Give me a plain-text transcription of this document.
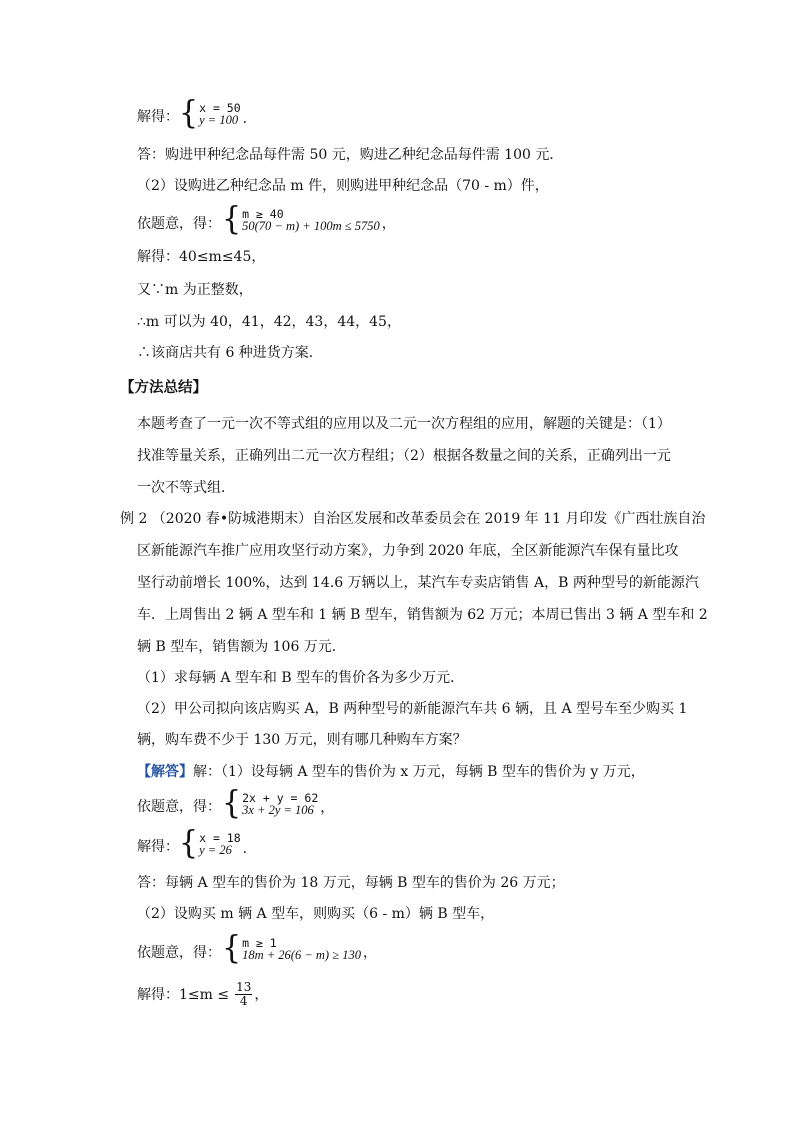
解得： { x = 50
y = 100 .
答：购进甲种纪念品每件需 50 元，购进乙种纪念品每件需 100 元．
（2）设购进乙种纪念品 m 件，则购进甲种纪念品（70 - m）件，
依题意，得： { m ≥ 40
50(70 − m) + 100m ≤ 5750 ，
解得：40≤m≤45，
又∵m 为正整数，
∴m 可以为 40，41，42，43，44，45，
∴该商店共有 6 种进货方案．
【方法总结】
本题考查了一元一次不等式组的应用以及二元一次方程组的应用，解题的关键是：（1）
找准等量关系，正确列出二元一次方程组；（2）根据各数量之间的关系，正确列出一元
一次不等式组．
例 2 （2020 春•防城港期末）自治区发展和改革委员会在 2019 年 11 月印发《广西壮族自治
区新能源汽车推广应用攻坚行动方案》，力争到 2020 年底，全区新能源汽车保有量比攻
坚行动前增长 100%，达到 14.6 万辆以上，某汽车专卖店销售 A，B 两种型号的新能源汽
车．上周售出 2 辆 A 型车和 1 辆 B 型车，销售额为 62 万元；本周已售出 3 辆 A 型车和 2
辆 B 型车，销售额为 106 万元．
（1）求每辆 A 型车和 B 型车的售价各为多少万元．
（2）甲公司拟向该店购买 A，B 两种型号的新能源汽车共 6 辆，且 A 型号车至少购买 1
辆，购车费不少于 130 万元，则有哪几种购车方案？
【解答】解：（1）设每辆 A 型车的售价为 x 万元，每辆 B 型车的售价为 y 万元，
依题意，得： { 2x + y = 62
3x + 2y = 106 ，
解得： { x = 18
y = 26 .
答：每辆 A 型车的售价为 18 万元，每辆 B 型车的售价为 26 万元；
（2）设购买 m 辆 A 型车，则购买（6 - m）辆 B 型车，
依题意，得： { m ≥ 1
18m + 26(6 − m) ≥ 130 ，
解得：$1\le m \le \frac{13}{4}$ ，
